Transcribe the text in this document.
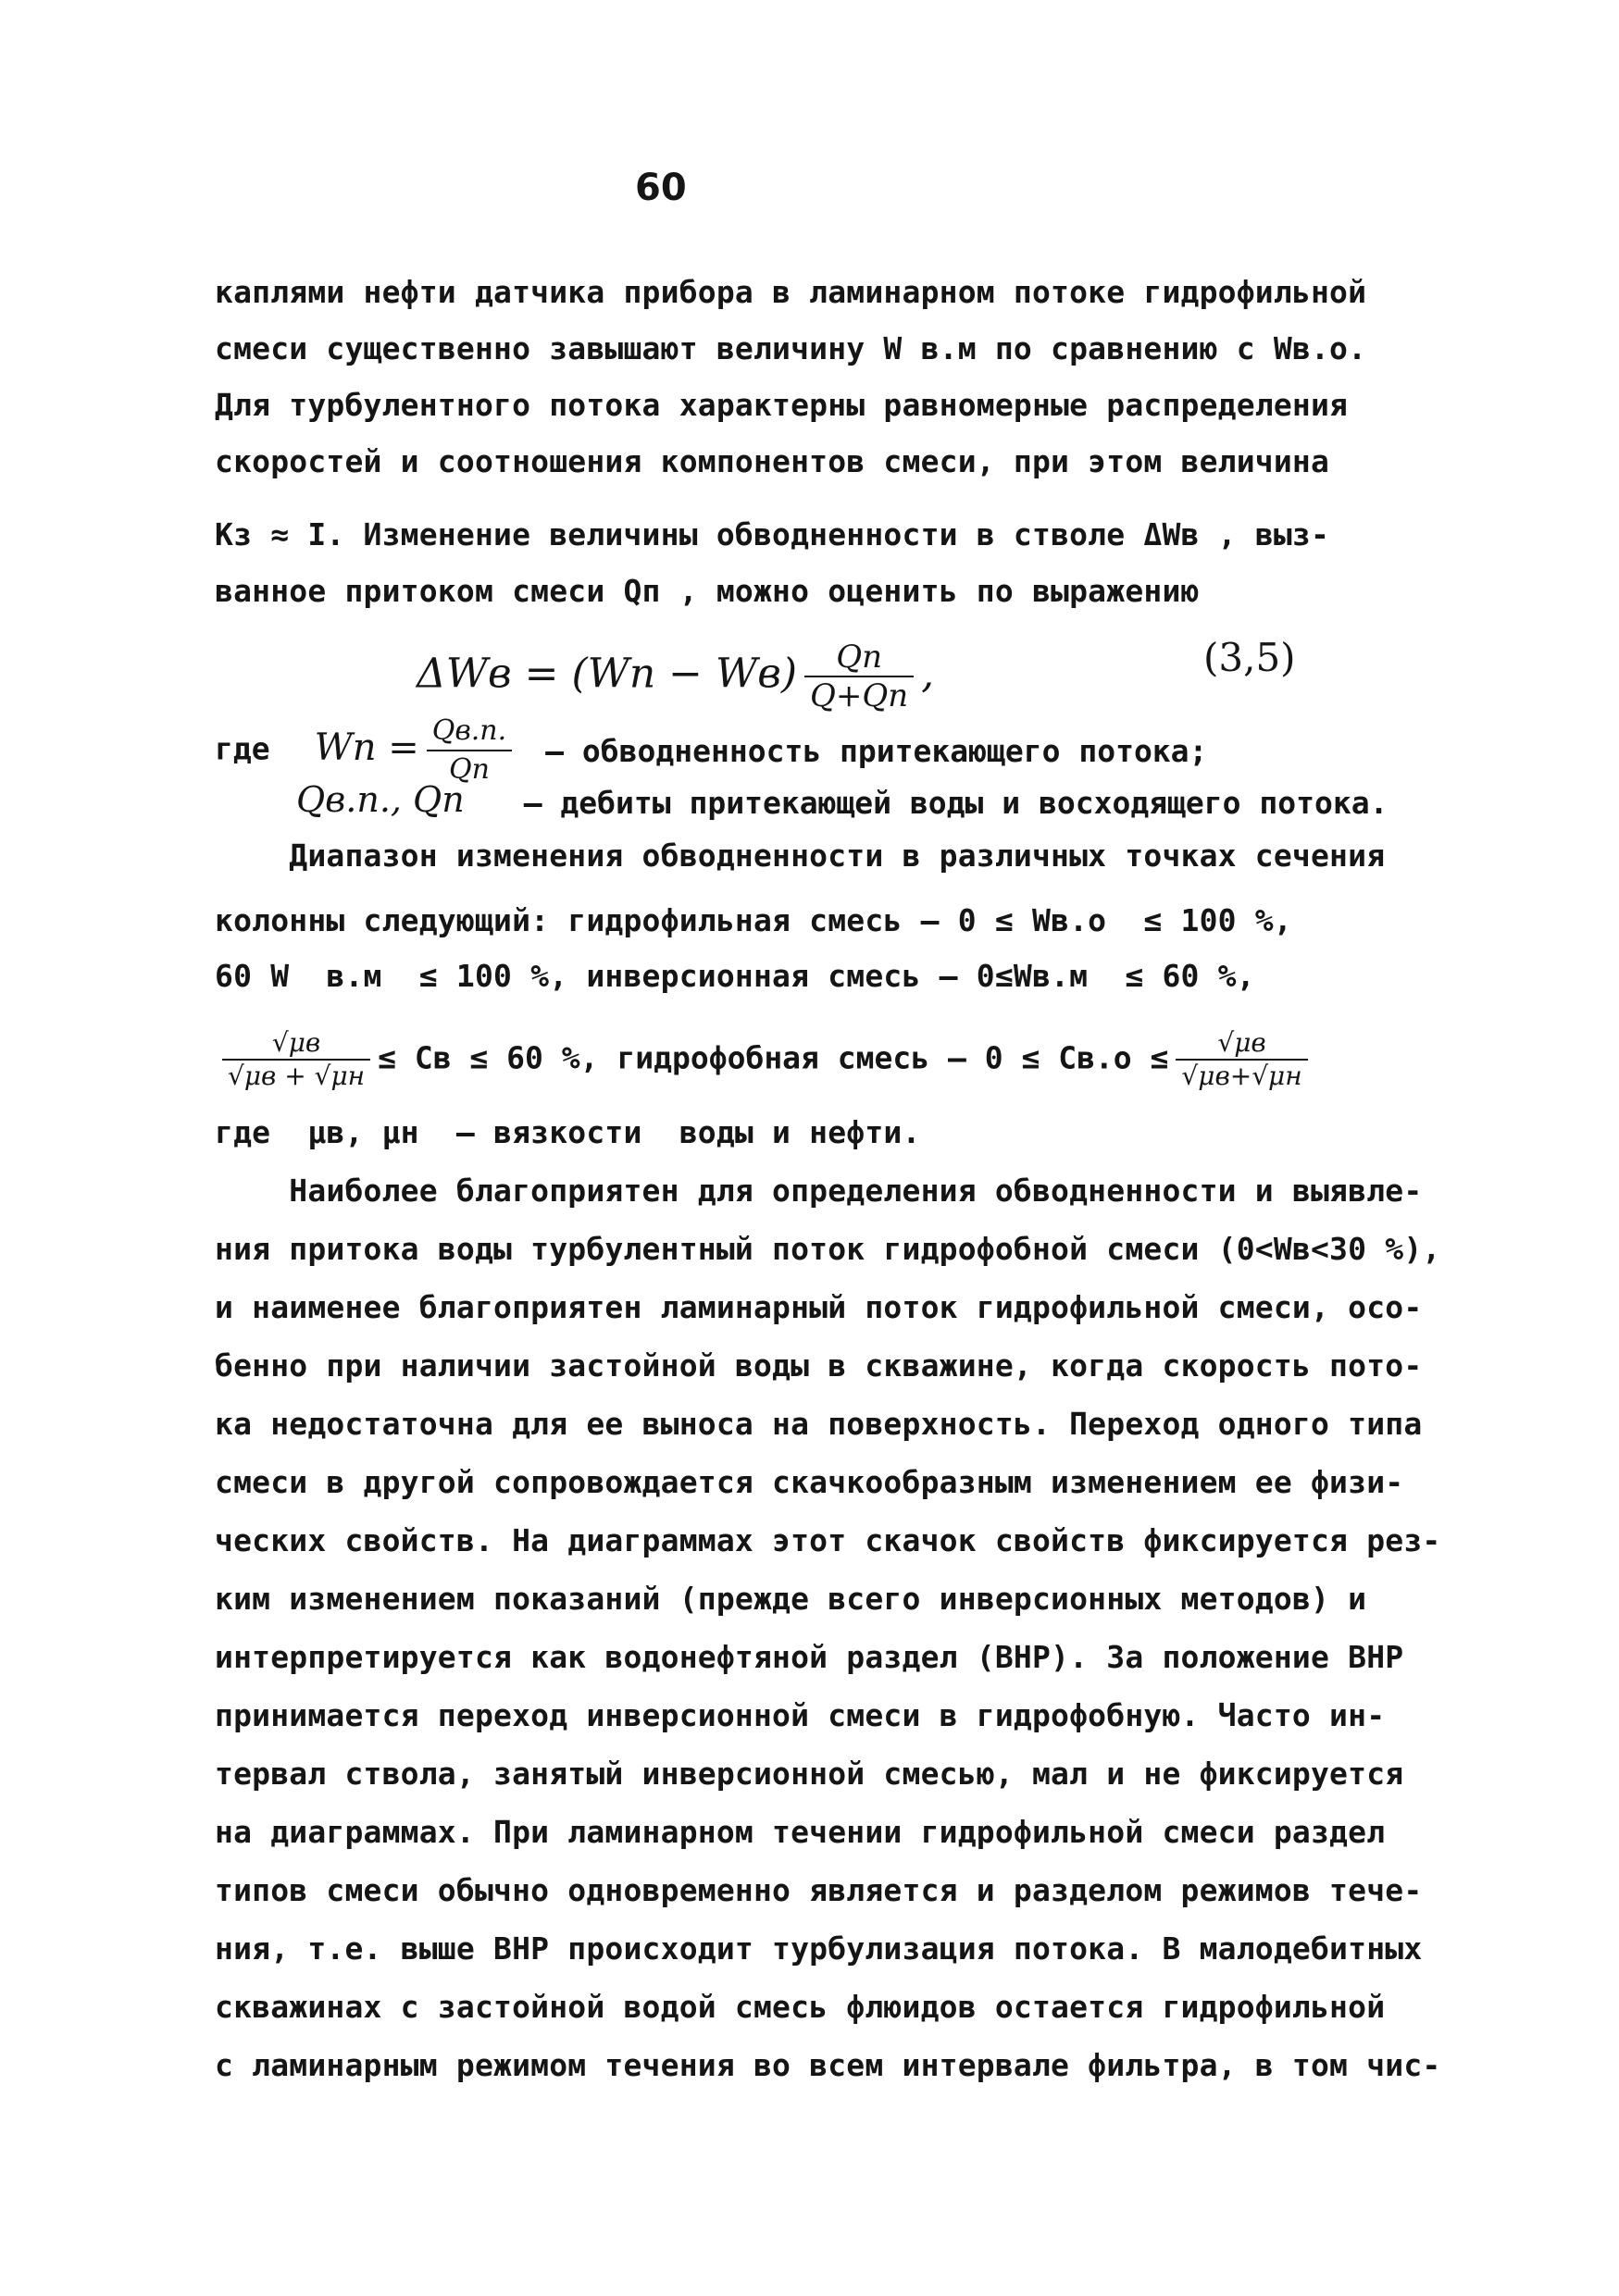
60
каплями нефти датчика прибора в ламинарном потоке гидрофильной
смеси существенно завышают величину W в.м по сравнению с Wв.о.
Для турбулентного потока характерны равномерные распределения
скоростей и соотношения компонентов смеси, при этом величина
Kз ≈ I. Изменение величины обводненности в стволе ΔWв , выз-
ванное притоком смеси Qп , можно оценить по выражению
$\Delta Wв = (Wп - Wв) \frac{Qп}{Q+Qп}$ ,	(3,5)
где Wп = $\frac{Qв.п.}{Qп}$ – обводненность притекающего потока;
Qв.п., Qп – дебиты притекающей воды и восходящего потока.
Диапазон изменения обводненности в различных точках сечения
колонны следующий: гидрофильная смесь – 0 ≤ Wв.о  ≤ 100 %,
60 W  в.м  ≤ 100 %, инверсионная смесь – 0≤Wв.м  ≤ 60 %,
$\frac{√\mu в}{√\mu в + √\mu н}$ ≤ Cв ≤ 60 %, гидрофобная смесь – $0 \le Cв.о \le \frac{√\mu в}{√\mu в+√\mu н}$
где  μв, μн  – вязкости  воды и нефти.
Наиболее благоприятен для определения обводненности и выявле-
ния притока воды турбулентный поток гидрофобной смеси (0<Wв<30 %),
и наименее благоприятен ламинарный поток гидрофильной смеси, осо-
бенно при наличии застойной воды в скважине, когда скорость пото-
ка недостаточна для ее выноса на поверхность. Переход одного типа
смеси в другой сопровождается скачкообразным изменением ее физи-
ческих свойств. На диаграммах этот скачок свойств фиксируется рез-
ким изменением показаний (прежде всего инверсионных методов) и
интерпретируется как водонефтяной раздел (ВНР). За положение ВНР
принимается переход инверсионной смеси в гидрофобную. Часто ин-
тервал ствола, занятый инверсионной смесью, мал и не фиксируется
на диаграммах. При ламинарном течении гидрофильной смеси раздел
типов смеси обычно одновременно является и разделом режимов тече-
ния, т.е. выше ВНР происходит турбулизация потока. В малодебитных
скважинах с застойной водой смесь флюидов остается гидрофильной
с ламинарным режимом течения во всем интервале фильтра, в том чис-
